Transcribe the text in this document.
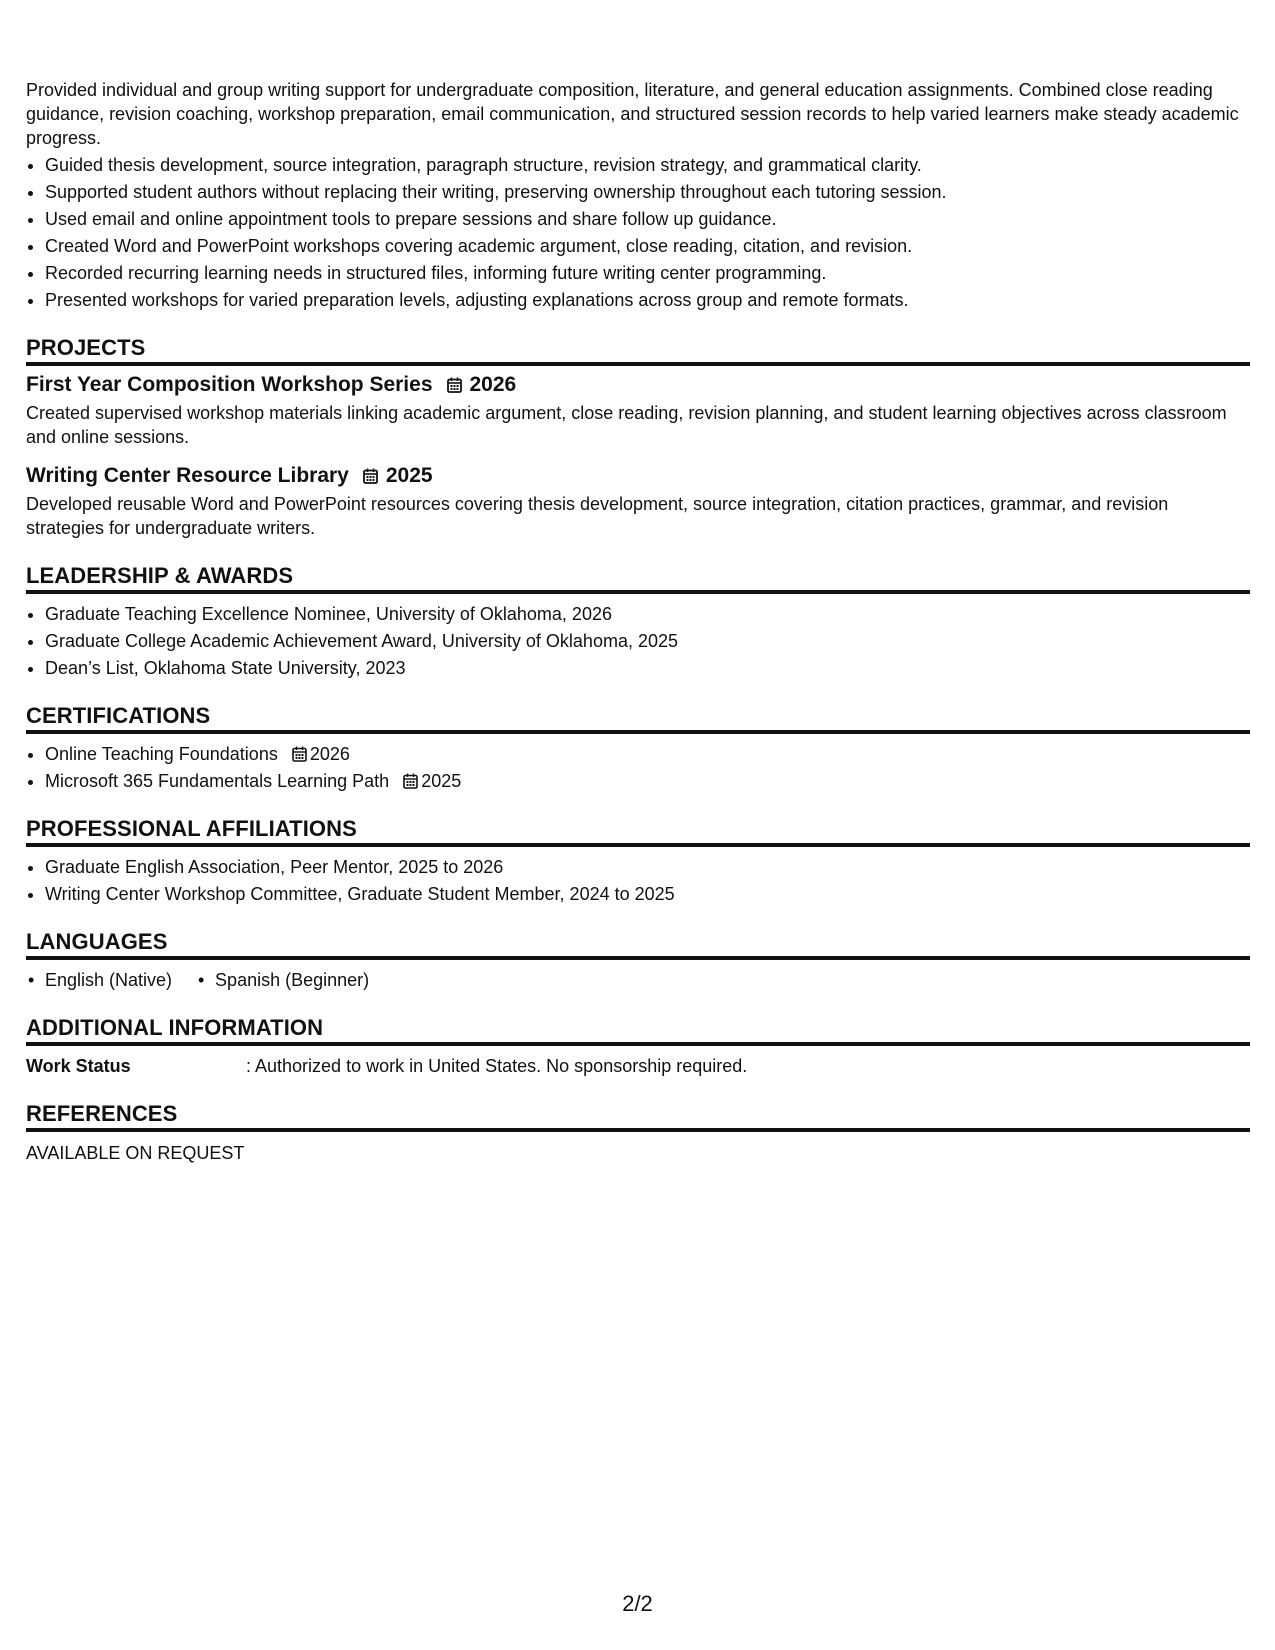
Provided individual and group writing support for undergraduate composition, literature, and general education assignments. Combined close reading guidance, revision coaching, workshop preparation, email communication, and structured session records to help varied learners make steady academic progress.

• Guided thesis development, source integration, paragraph structure, revision strategy, and grammatical clarity.
• Supported student authors without replacing their writing, preserving ownership throughout each tutoring session.
• Used email and online appointment tools to prepare sessions and share follow up guidance.
• Created Word and PowerPoint workshops covering academic argument, close reading, citation, and revision.
• Recorded recurring learning needs in structured files, informing future writing center programming.
• Presented workshops for varied preparation levels, adjusting explanations across group and remote formats.
PROJECTS
First Year Composition Workshop Series 2026
Created supervised workshop materials linking academic argument, close reading, revision planning, and student learning objectives across classroom and online sessions.
Writing Center Resource Library 2025
Developed reusable Word and PowerPoint resources covering thesis development, source integration, citation practices, grammar, and revision strategies for undergraduate writers.
LEADERSHIP & AWARDS
• Graduate Teaching Excellence Nominee, University of Oklahoma, 2026
• Graduate College Academic Achievement Award, University of Oklahoma, 2025
• Dean’s List, Oklahoma State University, 2023
CERTIFICATIONS
• Online Teaching Foundations 2026
• Microsoft 365 Fundamentals Learning Path 2025
PROFESSIONAL AFFILIATIONS
• Graduate English Association, Peer Mentor, 2025 to 2026
• Writing Center Workshop Committee, Graduate Student Member, 2024 to 2025
LANGUAGES
• English (Native)
•	Spanish (Beginner)
ADDITIONAL INFORMATION
Work Status	: Authorized to work in United States. No sponsorship required.
REFERENCES
AVAILABLE ON REQUEST
2/2
